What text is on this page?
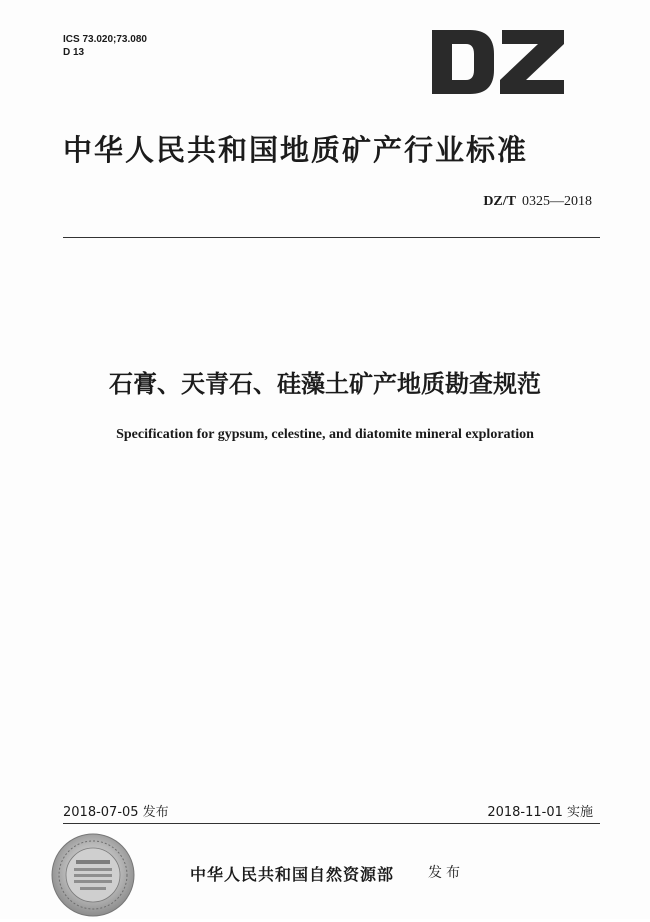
ICS 73.020;73.080
D 13
中华人民共和国地质矿产行业标准
DZ/T 0325—2018
石膏、天青石、硅藻土矿产地质勘查规范
Specification for gypsum, celestine, and diatomite mineral exploration
2018-07-05 发布	2018-11-01 实施
中华人民共和国自然资源部 发布
